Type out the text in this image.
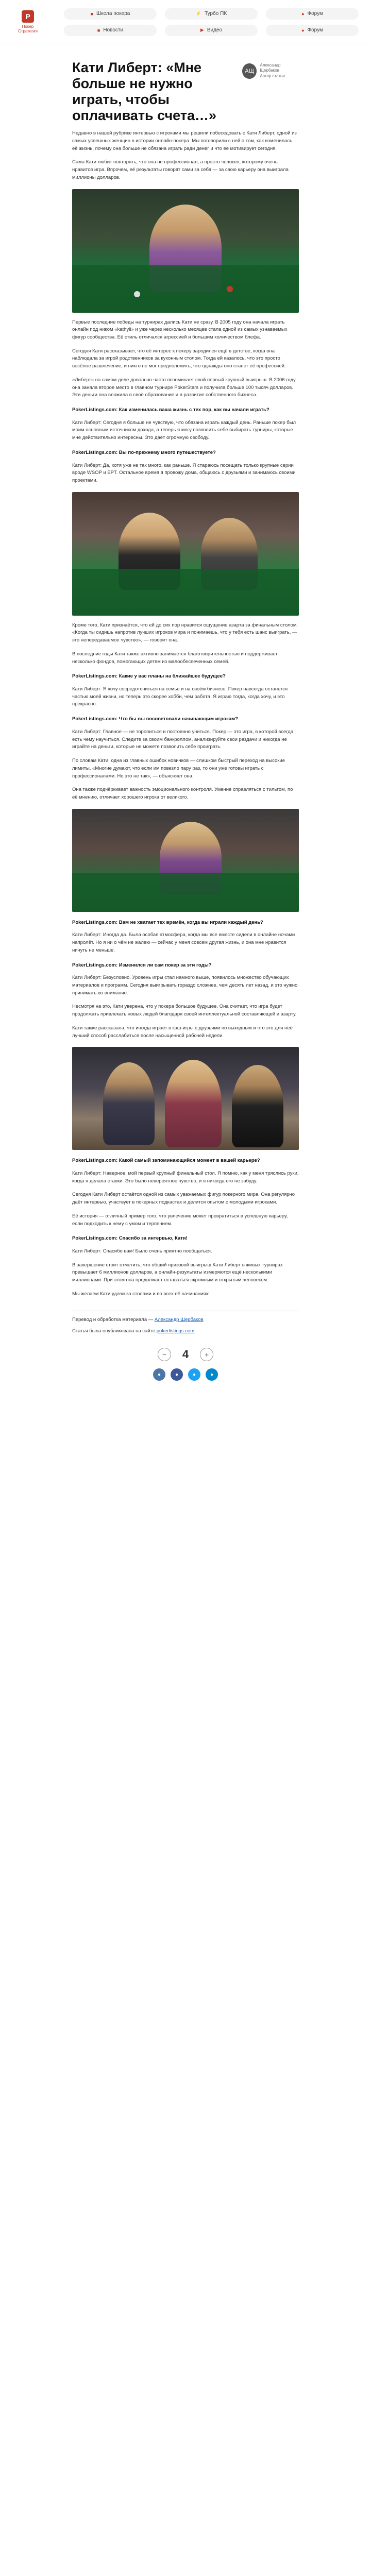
P
Покер
Стратегия
■ Школа покера	⚡ Турбо ПК	● Форум
■ Новости	▶ Видео	● Форум
Кати Либерт: «Мне больше не нужно играть, чтобы оплачивать счета…»
АЩ
Александр Щербаков
Автор статьи

Недавно в нашей рубрике интервью с игроками мы решили побеседовать с Кати Либерт, одной из самых успешных женщин в истории онлайн-покера. Мы поговорили с ней о том, как изменилась её жизнь, почему она больше не обязана играть ради денег и что её мотивирует сегодня.

Сама Кати любит повторять, что она не профессионал, а просто человек, которому очень нравится игра. Впрочем, её результаты говорят сами за себя — за свою карьеру она выиграла миллионы долларов.

Первые последние победы на турнирах дались Кати не сразу. В 2005 году она начала играть онлайн под ником «kathyli» и уже через несколько месяцев стала одной из самых узнаваемых фигур сообщества. Её стиль отличался агрессией и большим количеством блефа.

Сегодня Кати рассказывает, что её интерес к покеру зародился ещё в детстве, когда она наблюдала за игрой родственников за кухонным столом. Тогда ей казалось, что это просто весёлое развлечение, и никто не мог предположить, что однажды оно станет её профессией.

«Либерт» на самом деле довольно часто вспоминает свой первый крупный выигрыш. В 2006 году она заняла второе место в главном турнире PokerStars и получила больше 100 тысяч долларов. Эти деньги она вложила в своё образование и в развитие собственного бизнеса.

PokerListings.com: Как изменилась ваша жизнь с тех пор, как вы начали играть?

Кати Либерт: Сегодня я больше не чувствую, что обязана играть каждый день. Раньше покер был моим основным источником дохода, а теперь я могу позволить себе выбирать турниры, которые мне действительно интересны. Это даёт огромную свободу.

PokerListings.com: Вы по-прежнему много путешествуете?

Кати Либерт: Да, хотя уже не так много, как раньше. Я стараюсь посещать только крупные серии вроде WSOP и EPT. Остальное время я провожу дома, общаюсь с друзьями и занимаюсь своими проектами.

Кроме того, Кати признаётся, что ей до сих пор нравится ощущение азарта за финальным столом. «Когда ты сидишь напротив лучших игроков мира и понимаешь, что у тебя есть шанс выиграть, — это непередаваемое чувство», — говорит она.

В последние годы Кати также активно занимается благотворительностью и поддерживает несколько фондов, помогающих детям из малообеспеченных семей.

PokerListings.com: Какие у вас планы на ближайшее будущее?

Кати Либерт: Я хочу сосредоточиться на семье и на своём бизнесе. Покер навсегда останется частью моей жизни, но теперь это скорее хобби, чем работа. Я играю тогда, когда хочу, и это прекрасно.

PokerListings.com: Что бы вы посоветовали начинающим игрокам?

Кати Либерт: Главное — не торопиться и постоянно учиться. Покер — это игра, в которой всегда есть чему научиться. Следите за своим банкроллом, анализируйте свои раздачи и никогда не играйте на деньги, которые не можете позволить себе проиграть.

По словам Кати, одна из главных ошибок новичков — слишком быстрый переход на высокие лимиты. «Многие думают, что если им повезло пару раз, то они уже готовы играть с профессионалами. Но это не так», — объясняет она.

Она также подчёркивает важность эмоционального контроля. Умение справляться с тильтом, по её мнению, отличает хорошего игрока от великого.

PokerListings.com: Вам не хватает тех времён, когда вы играли каждый день?

Кати Либерт: Иногда да. Была особая атмосфера, когда мы все вместе сидели в онлайне ночами напролёт. Но я ни о чём не жалею — сейчас у меня совсем другая жизнь, и она мне нравится ничуть не меньше.

PokerListings.com: Изменился ли сам покер за эти годы?

Кати Либерт: Безусловно. Уровень игры стал намного выше, появилось множество обучающих материалов и программ. Сегодня выигрывать гораздо сложнее, чем десять лет назад, и это нужно принимать во внимание.

Несмотря на это, Кати уверена, что у покера большое будущее. Она считает, что игра будет продолжать привлекать новых людей благодаря своей интеллектуальной составляющей и азарту.

Кати также рассказала, что иногда играет в кэш-игры с друзьями по выходным и что это для неё лучший способ расслабиться после насыщенной рабочей недели.

PokerListings.com: Какой самый запоминающийся момент в вашей карьере?

Кати Либерт: Наверное, мой первый крупный финальный стол. Я помню, как у меня тряслись руки, когда я делала ставки. Это было невероятное чувство, и я никогда его не забуду.

Сегодня Кати Либерт остаётся одной из самых уважаемых фигур покерного мира. Она регулярно даёт интервью, участвует в покерных подкастах и делится опытом с молодыми игроками.

Её история — отличный пример того, что увлечение может превратиться в успешную карьеру, если подходить к нему с умом и терпением.

PokerListings.com: Спасибо за интервью, Кати!

Кати Либерт: Спасибо вам! Было очень приятно пообщаться.

В завершение стоит отметить, что общий призовой выигрыш Кати Либерт в живых турнирах превышает 6 миллионов долларов, а онлайн-результаты измеряются ещё несколькими миллионами. При этом она продолжает оставаться скромным и открытым человеком.

Мы желаем Кати удачи за столами и во всех её начинаниях!

Перевод и обработка материала — Александр Щербаков

Статья была опубликована на сайте pokerlistings.com

−	4	+
●	●	●	●
